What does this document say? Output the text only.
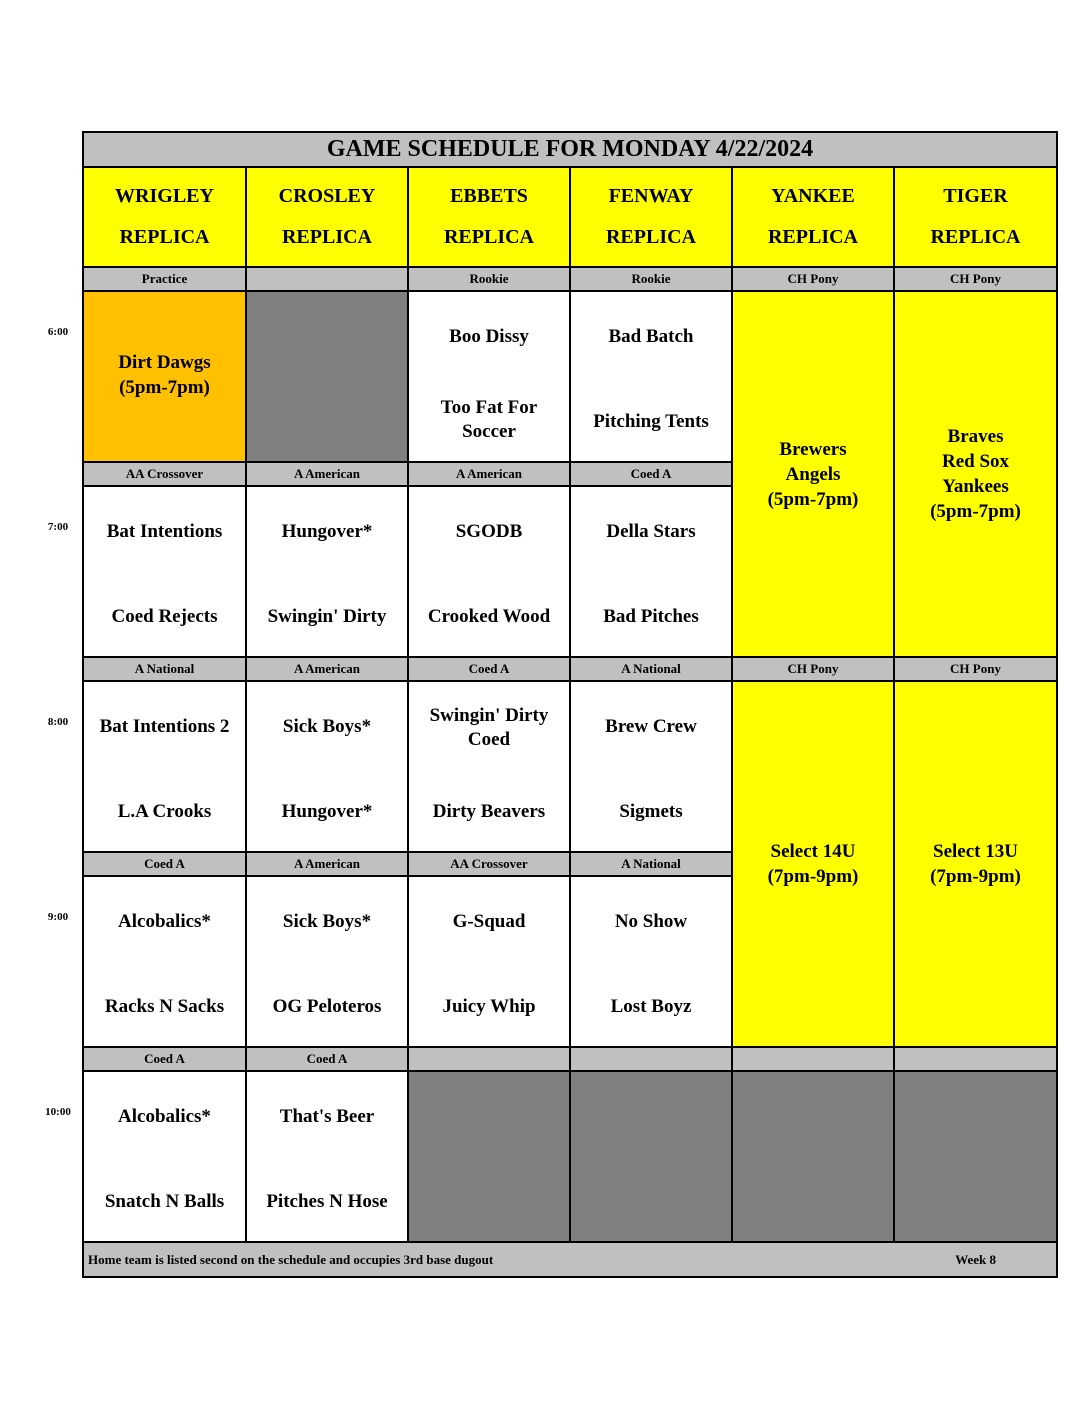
GAME SCHEDULE FOR MONDAY 4/22/2024
WRIGLEY
REPLICA
CROSLEY
REPLICA
EBBETS
REPLICA
FENWAY
REPLICA
YANKEE
REPLICA
TIGER
REPLICA
6:00
Practice
Dirt Dawgs
(5pm-7pm)
Rookie
Boo Dissy
Too Fat For Soccer
Rookie
Bad Batch
Pitching Tents
CH Pony
Brewers
Angels
(5pm-7pm)
CH Pony
Braves
Red Sox
Yankees
(5pm-7pm)
7:00
AA Crossover
Bat Intentions
Coed Rejects
A American
Hungover*
Swingin' Dirty
A American
SGODB
Crooked Wood
Coed A
Della Stars
Bad Pitches
8:00
A National
Bat Intentions 2
L.A Crooks
A American
Sick Boys*
Hungover*
Coed A
Swingin' Dirty Coed
Dirty Beavers
A National
Brew Crew
Sigmets
CH Pony
Select 14U
(7pm-9pm)
CH Pony
Select 13U
(7pm-9pm)
9:00
Coed A
Alcobalics*
Racks N Sacks
A American
Sick Boys*
OG Peloteros
AA Crossover
G-Squad
Juicy Whip
A National
No Show
Lost Boyz
10:00
Coed A
Alcobalics*
Snatch N Balls
Coed A
That's Beer
Pitches N Hose
Home team is listed second on the schedule and occupies 3rd base dugout	Week 8
